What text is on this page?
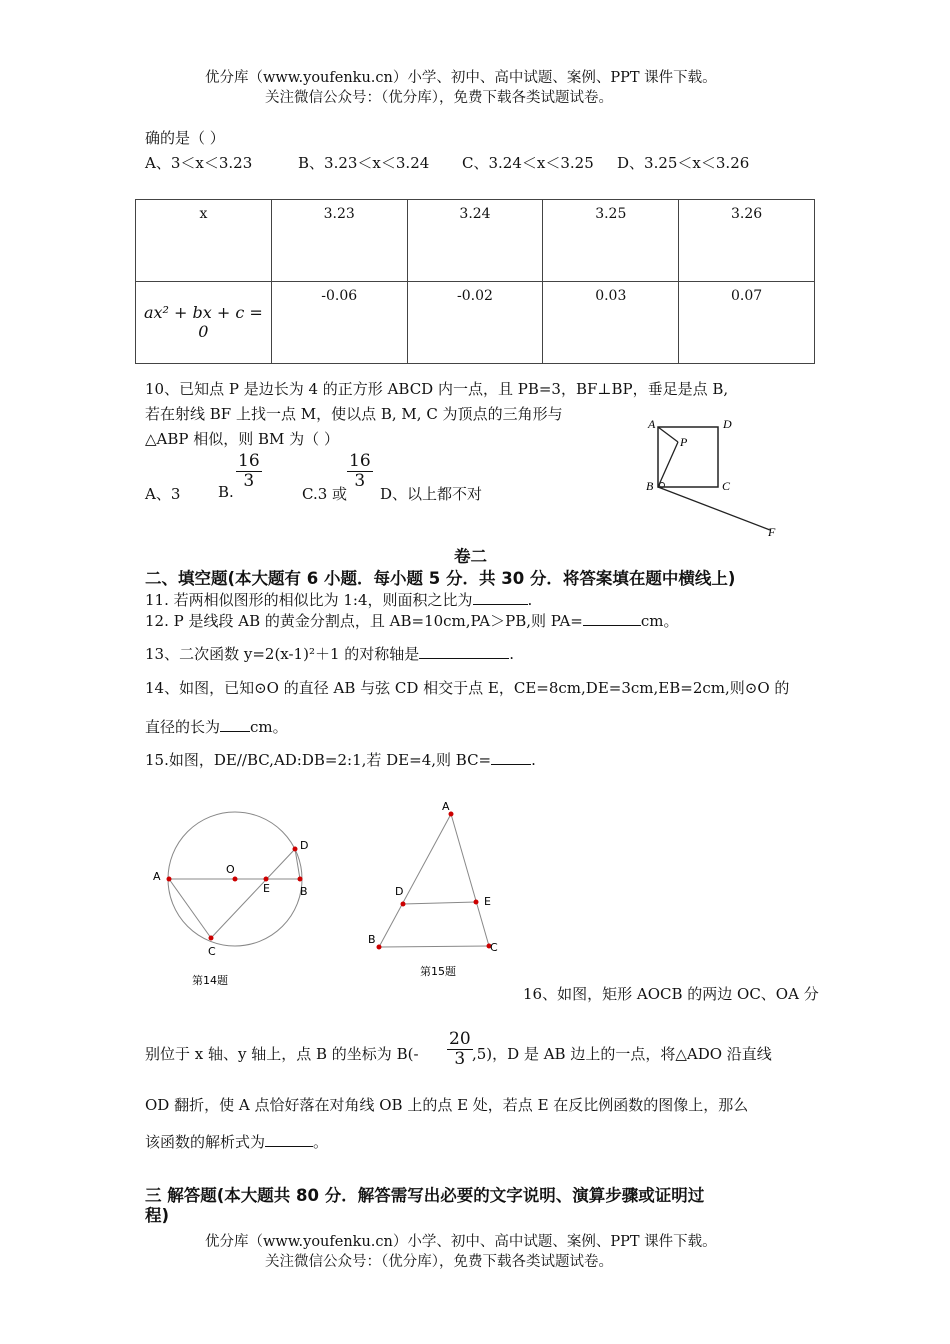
优分库（www.youfenku.cn）小学、初中、高中试题、案例、PPT 课件下载。
关注微信公众号：（优分库），免费下载各类试题试卷。
确的是（ ）
A、3＜x＜3.23	B、3.23＜x＜3.24 C、3.24＜x＜3.25 D、3.25＜x＜3.26
x	3.23	3.24	3.25	3.26
ax² + bx + c = 0	-0.06	-0.02	0.03	0.07
10、已知点 P 是边长为 4 的正方形 ABCD 内一点，且 PB=3，BF⊥BP，垂足是点 B,
若在射线 BF 上找一点 M，使以点 B, M, C 为顶点的三角形与
△ABP 相似，则 BM 为（ ）
A、3	B.
$\frac{16}{3}$
C.3 或
$\frac{16}{3}$
D、以上都不对
A	D
P
B	C
F
卷二
二、填空题(本大题有 6 小题．每小题 5 分．共 30 分．将答案填在题中横线上)
11. 若两相似图形的相似比为 1:4，则面积之比为	.
12. P 是线段 AB 的黄金分割点，且 AB=10cm,PA＞PB,则 PA=	cm。
13、二次函数 y=2(x-1)²＋1 的对称轴是	.
14、如图，已知⊙O 的直径 AB 与弦 CD 相交于点 E，CE=8cm,DE=3cm,EB=2cm,则⊙O 的
直径的长为 cm。
15.如图，DE//BC,AD:DB=2:1,若 DE=4,则 BC=	.
A
O
E
D
B
C
第14题
A
D
E
B
C
第15题
16、如图，矩形 AOCB 的两边 OC、OA 分
别位于 x 轴、y 轴上，点 B 的坐标为 $B(- \frac{20}{3} ,5)$，D 是 AB 边上的一点，将△ADO 沿直线
OD 翻折，使 A 点恰好落在对角线 OB 上的点 E 处，若点 E 在反比例函数的图像上，那么
该函数的解析式为	。
三 解答题(本大题共 80 分．解答需写出必要的文字说明、演算步骤或证明过
程)
优分库（www.youfenku.cn）小学、初中、高中试题、案例、PPT 课件下载。
关注微信公众号：（优分库），免费下载各类试题试卷。
